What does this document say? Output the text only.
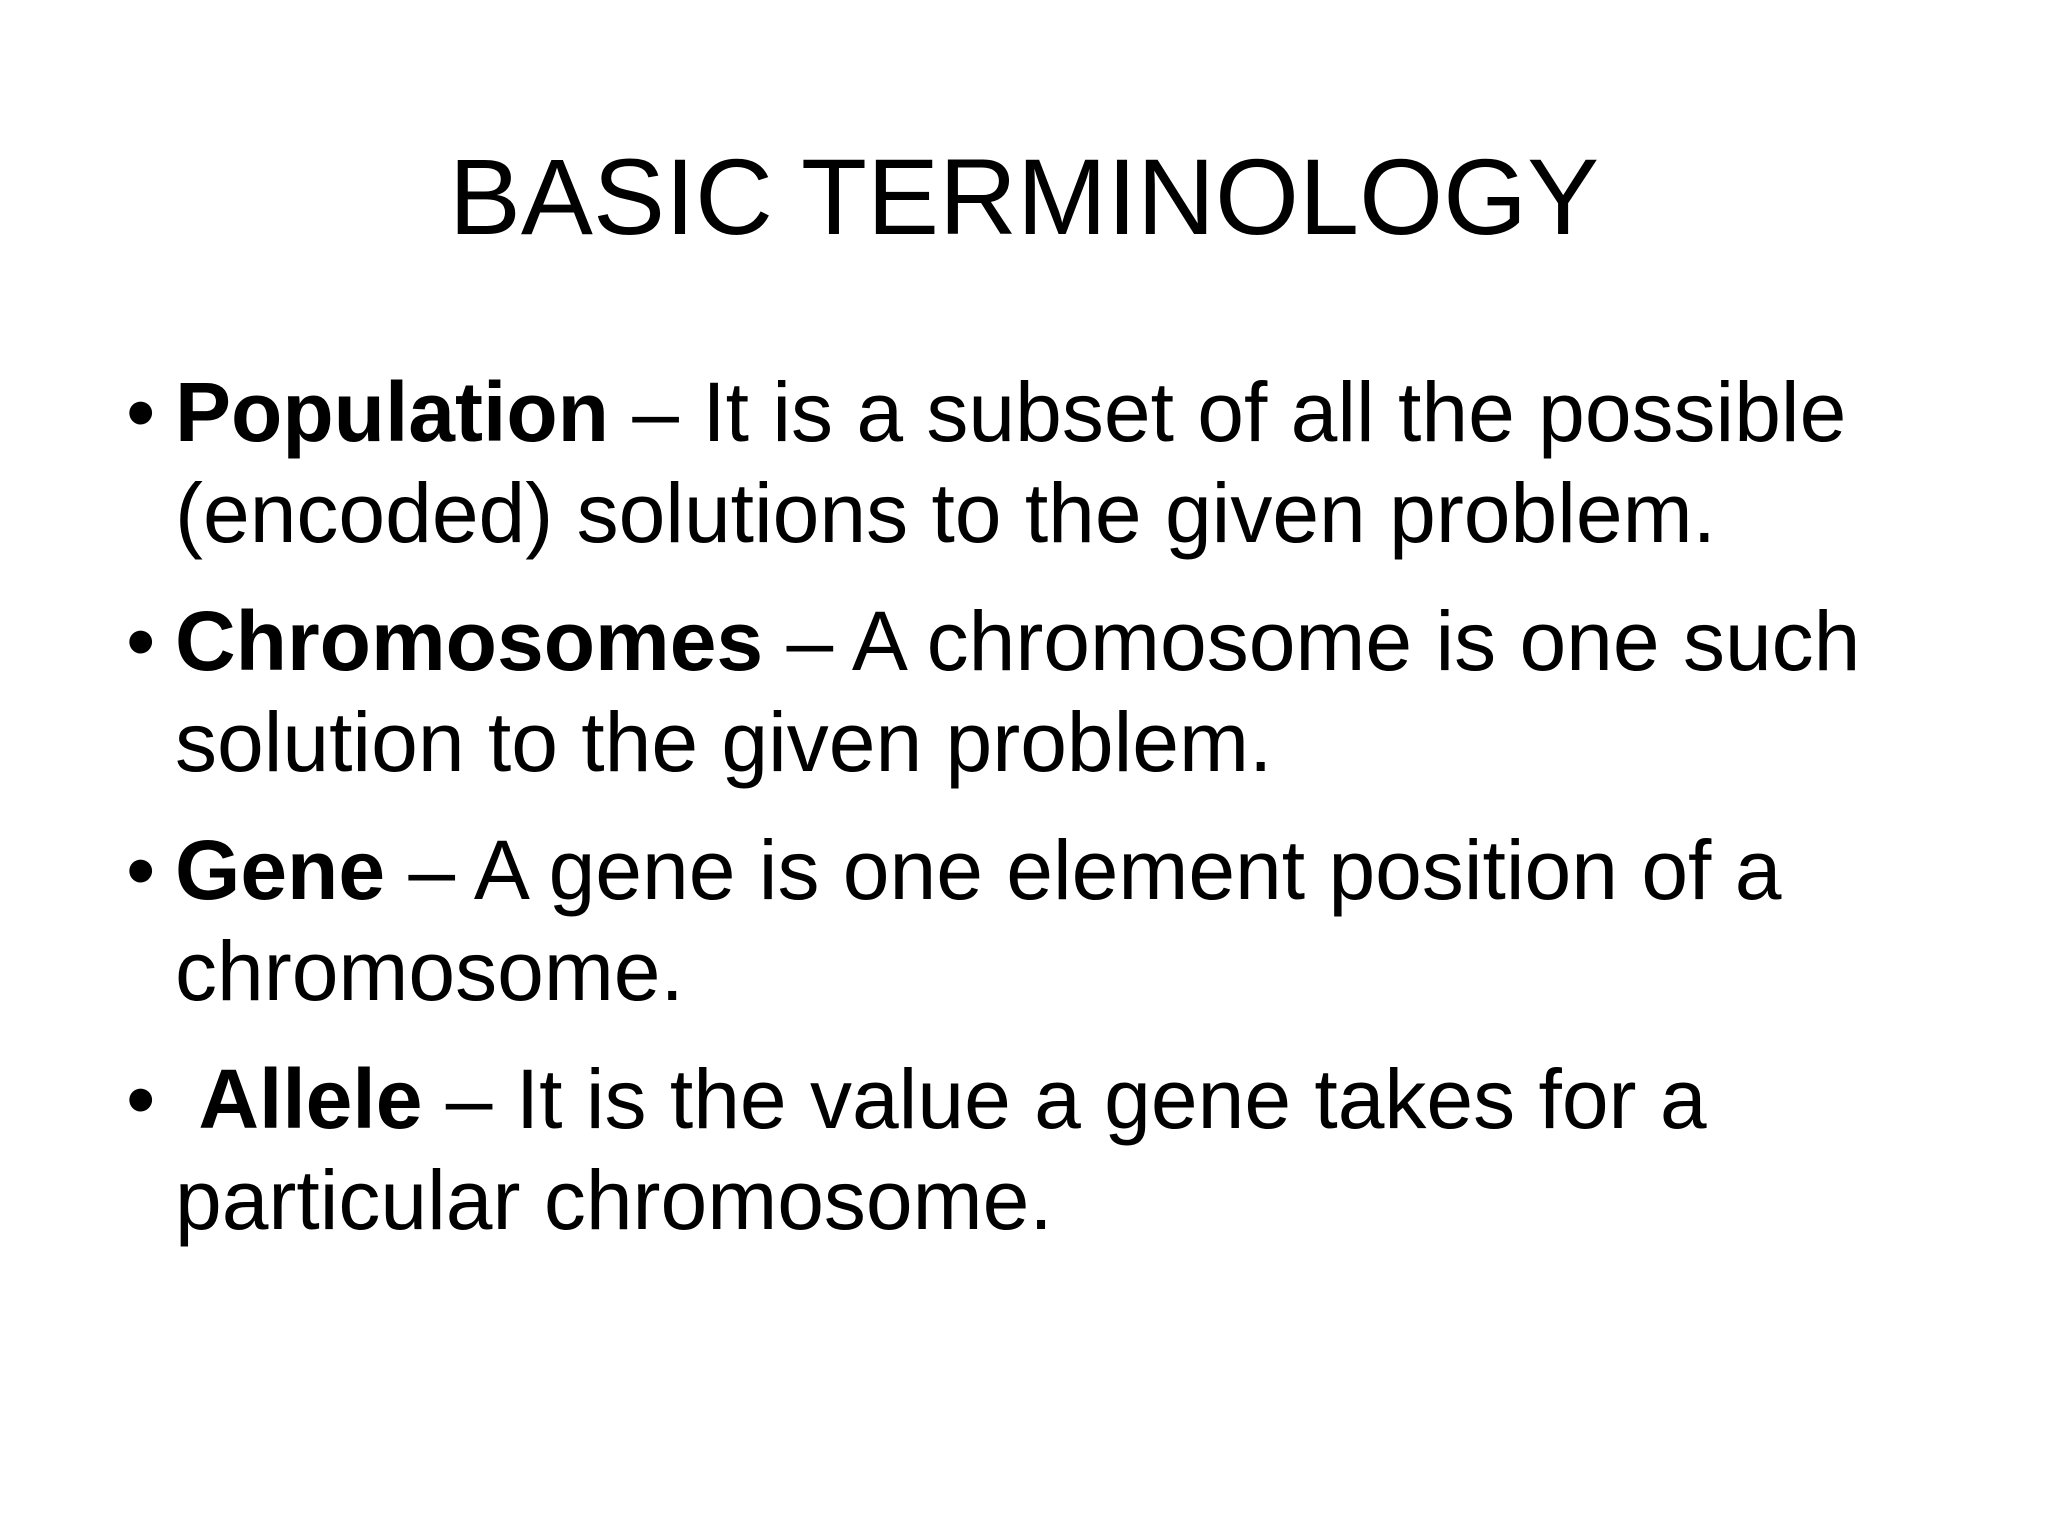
BASIC TERMINOLOGY
• Population – It is a subset of all the possible (encoded) solutions to the given problem.
• Chromosomes – A chromosome is one such solution to the given problem.
• Gene – A gene is one element position of a chromosome.
• Allele – It is the value a gene takes for a particular chromosome.
